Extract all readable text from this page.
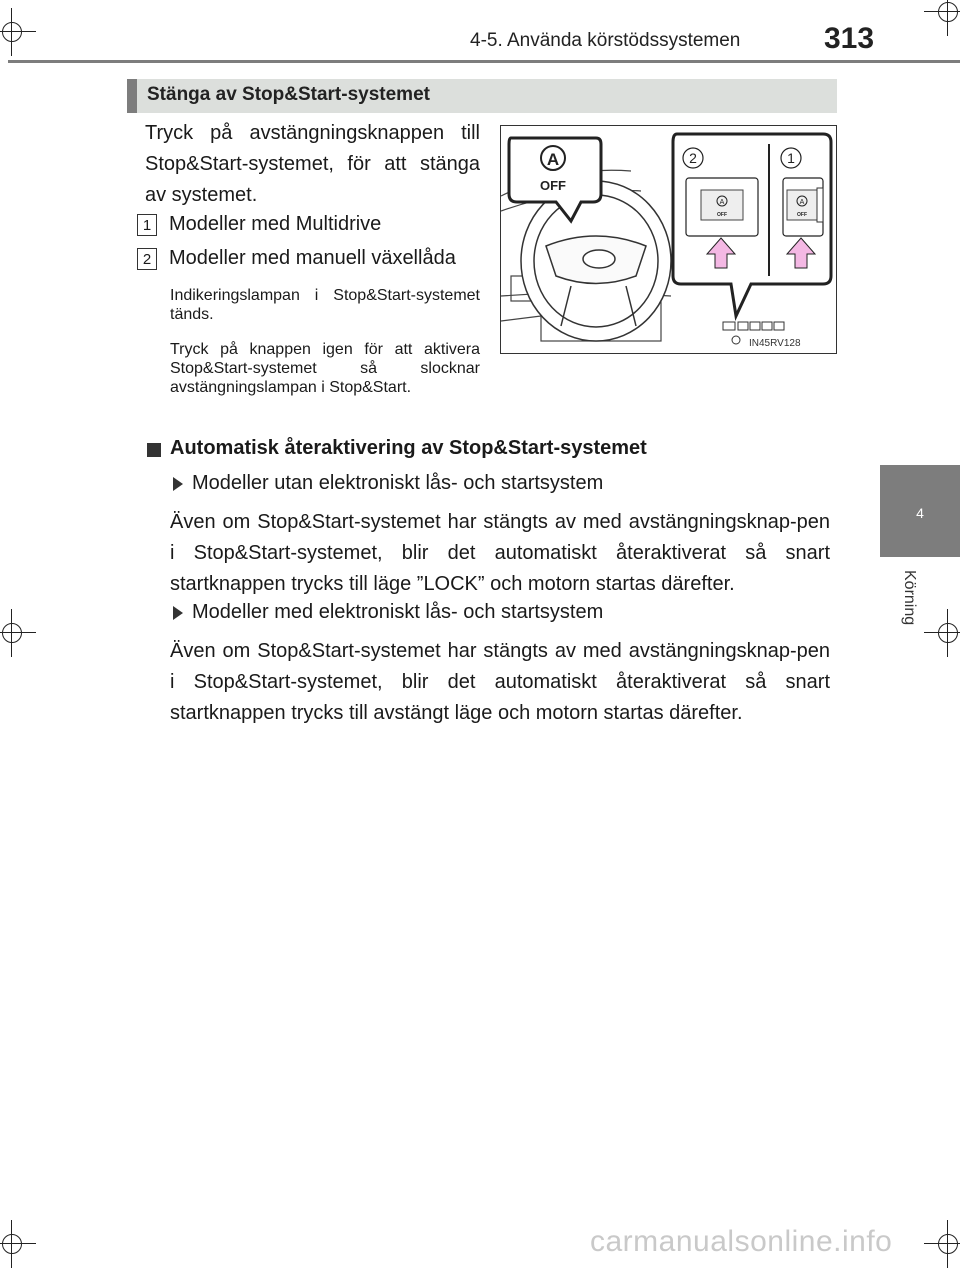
4-5. Använda körstödssystemen	313
Stänga av Stop&Start-systemet
Tryck på avstängningsknappen till Stop&Start-systemet, för att stänga av systemet.
1 Modeller med Multidrive
2 Modeller med manuell växellåda
Indikeringslampan i Stop&Start-systemet tänds.
Tryck på knappen igen för att aktivera Stop&Start-systemet så slocknar avstängningslampan i Stop&Start.
A
OFF
2	1
A
OFF
A
OFF
IN45RV128
Automatisk återaktivering av Stop&Start-systemet
Modeller utan elektroniskt lås- och startsystem
Även om Stop&Start-systemet har stängts av med avstängningsknap-pen i Stop&Start-systemet, blir det automatiskt återaktiverat så snart startknappen trycks till läge ”LOCK” och motorn startas därefter.
Modeller med elektroniskt lås- och startsystem
Även om Stop&Start-systemet har stängts av med avstängningsknap-pen i Stop&Start-systemet, blir det automatiskt återaktiverat så snart startknappen trycks till avstängt läge och motorn startas därefter.
4
Körning
carmanualsonline.info
